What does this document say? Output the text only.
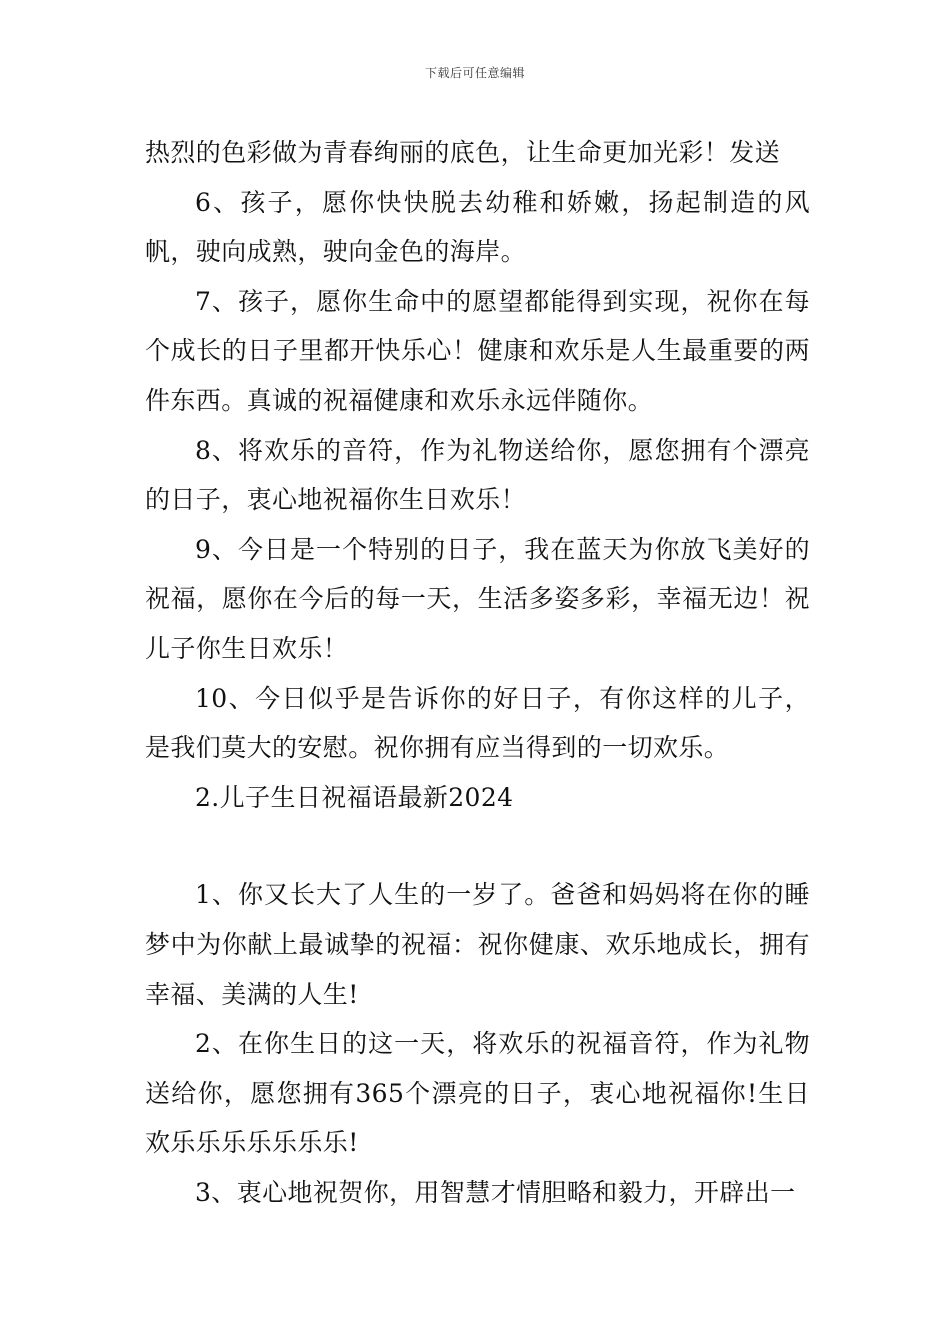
下载后可任意编辑

热烈的色彩做为青春绚丽的底色，让生命更加光彩！发送

6、孩子，愿你快快脱去幼稚和娇嫩，扬起制造的风帆，驶向成熟，驶向金色的海岸。

7、孩子，愿你生命中的愿望都能得到实现，祝你在每个成长的日子里都开快乐心！健康和欢乐是人生最重要的两件东西。真诚的祝福健康和欢乐永远伴随你。

8、将欢乐的音符，作为礼物送给你，愿您拥有个漂亮的日子，衷心地祝福你生日欢乐！

9、今日是一个特别的日子，我在蓝天为你放飞美好的祝福，愿你在今后的每一天，生活多姿多彩，幸福无边！祝儿子你生日欢乐！

10、今日似乎是告诉你的好日子，有你这样的儿子，是我们莫大的安慰。祝你拥有应当得到的一切欢乐。

2.儿子生日祝福语最新2024

1、你又长大了人生的一岁了。爸爸和妈妈将在你的睡梦中为你献上最诚挚的祝福：祝你健康、欢乐地成长，拥有幸福、美满的人生!

2、在你生日的这一天，将欢乐的祝福音符，作为礼物送给你，愿您拥有365个漂亮的日子，衷心地祝福你!生日欢乐乐乐乐乐乐乐!

3、衷心地祝贺你，用智慧才情胆略和毅力，开辟出一
